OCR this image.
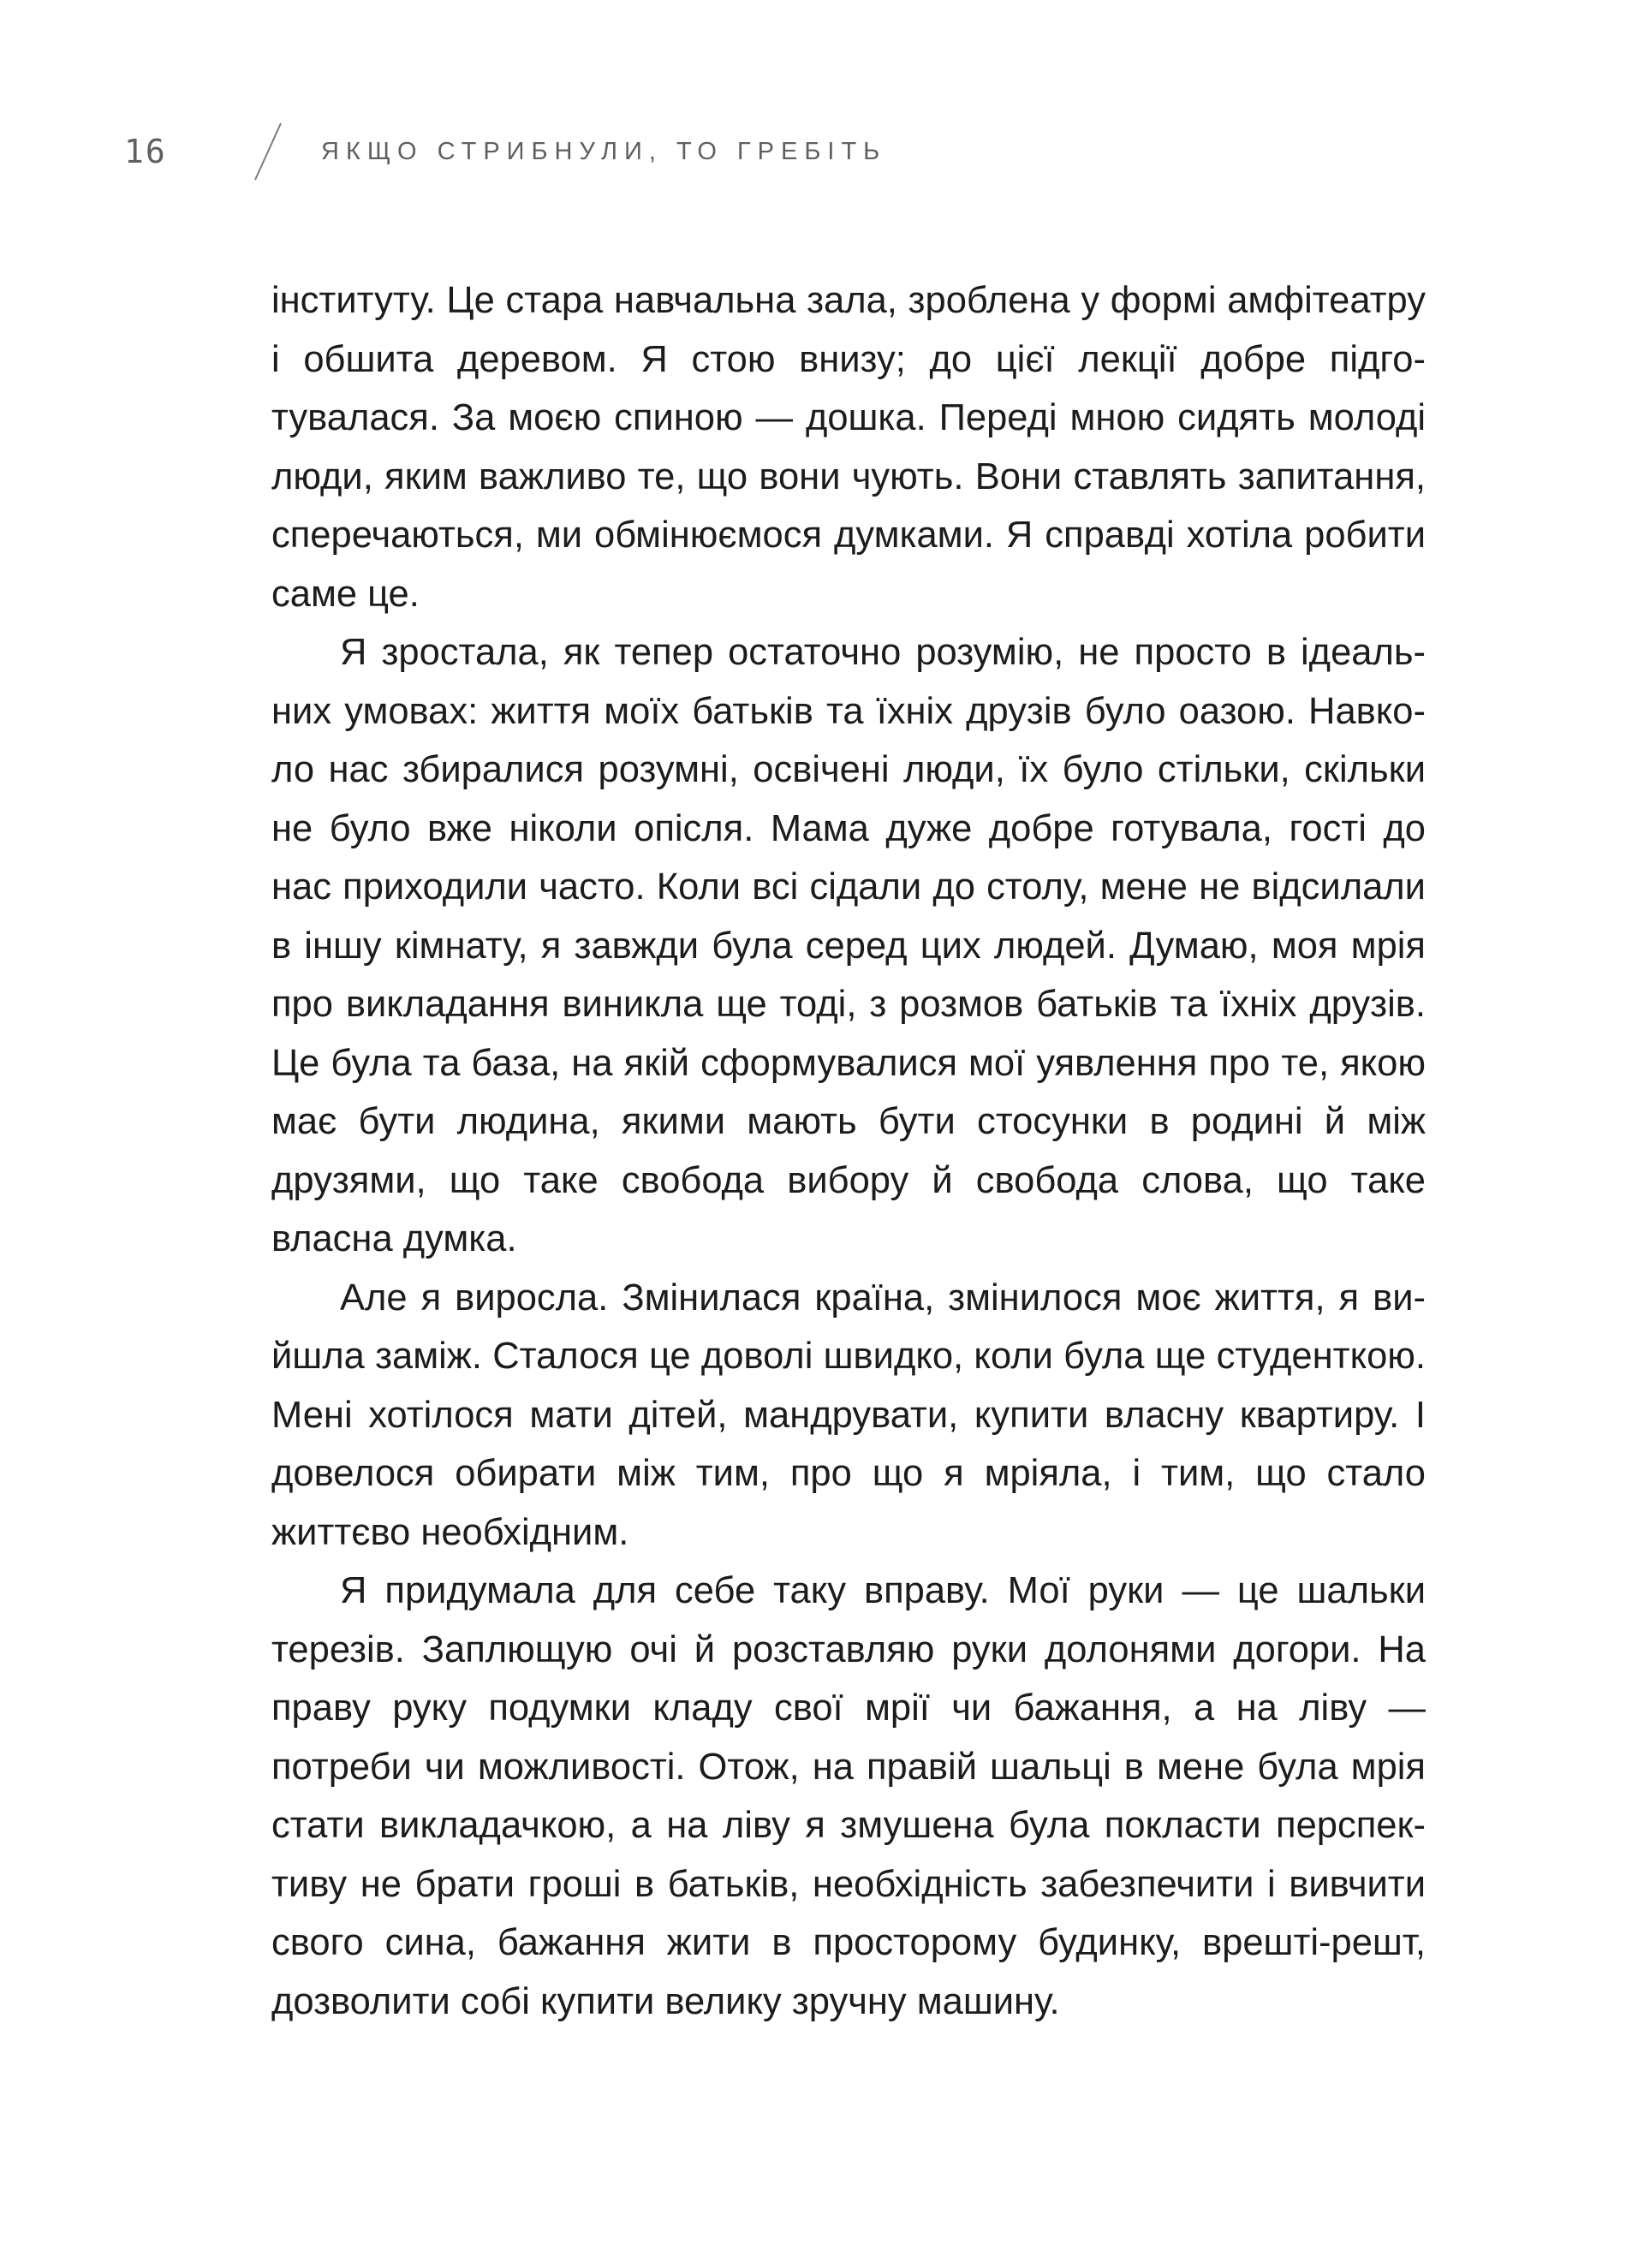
16	ЯКЩО СТРИБНУЛИ, ТО ГРЕБІТЬ

інституту. Це стара навчальна зала, зроблена у формі амфітеатру і обшита деревом. Я стою внизу; до цієї лекції добре підготувалася. За моєю спиною — дошка. Переді мною сидять молоді люди, яким важливо те, що вони чують. Вони ставлять запитання, сперечаються, ми обмінюємося думками. Я справді хотіла робити саме це.

Я зростала, як тепер остаточно розумію, не просто в ідеальних умовах: життя моїх батьків та їхніх друзів було оазою. Навколо нас збиралися розумні, освічені люди, їх було стільки, скільки не було вже ніколи опісля. Мама дуже добре готувала, гості до нас приходили часто. Коли всі сідали до столу, мене не відсилали в іншу кімнату, я завжди була серед цих людей. Думаю, моя мрія про викладання виникла ще тоді, з розмов батьків та їхніх друзів. Це була та база, на якій сформувалися мої уявлення про те, якою має бути людина, якими мають бути стосунки в родині й між друзями, що таке свобода вибору й свобода слова, що таке власна думка.

Але я виросла. Змінилася країна, змінилося моє життя, я вийшла заміж. Сталося це доволі швидко, коли була ще студенткою. Мені хотілося мати дітей, мандрувати, купити власну квартиру. І довелося обирати між тим, про що я мріяла, і тим, що стало життєво необхідним.

Я придумала для себе таку вправу. Мої руки — це шальки терезів. Заплющую очі й розставляю руки долонями догори. На праву руку подумки кладу свої мрії чи бажання, а на ліву — потреби чи можливості. Отож, на правій шальці в мене була мрія стати викладачкою, а на ліву я змушена була покласти перспективу не брати гроші в батьків, необхідність забезпечити і вивчити свого сина, бажання жити в просторому будинку, врешті-решт, дозволити собі купити велику зручну машину.
